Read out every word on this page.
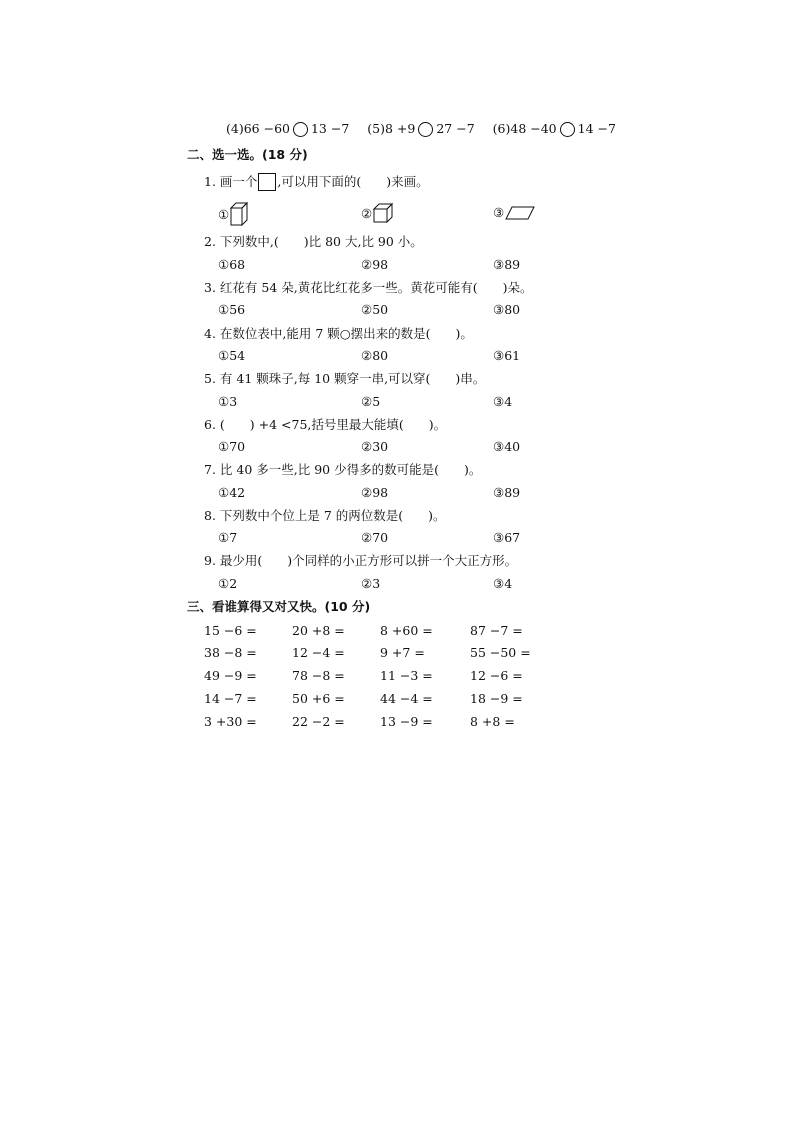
(4) 66 −60 13 −7
(5) 8 +9 27 −7
(6) 48 −40 14 −7
二、选一选。(18 分)
1. 画一个 ,可以用下面的(　　)来画。
①	②	③
2. 下列数中,(　　)比 80 大,比 90 小。
①68	②98	③89
3. 红花有 54 朵,黄花比红花多一些。黄花可能有(　　)朵。
①56	②50	③80
4. 在数位表中,能用 7 颗○摆出来的数是(　　)。
①54	②80	③61
5. 有 41 颗珠子,每 10 颗穿一串,可以穿(　　)串。
①3	②5	③4
6. (　　) +4 <75,括号里最大能填(　　)。
①70	②30	③40
7. 比 40 多一些,比 90 少得多的数可能是(　　)。
①42	②98	③89
8. 下列数中个位上是 7 的两位数是(　　)。
①7	②70	③67
9. 最少用(　　)个同样的小正方形可以拼一个大正方形。
①2	②3	③4
三、看谁算得又对又快。(10 分)
15 −6 =	20 +8 =	8 +60 =	87 −7 =
38 −8 =	12 −4 =	9 +7 =	55 −50 =
49 −9 =	78 −8 =	11 −3 =	12 −6 =
14 −7 =	50 +6 =	44 −4 =	18 −9 =
3 +30 =	22 −2 =	13 −9 =	8 +8 =
